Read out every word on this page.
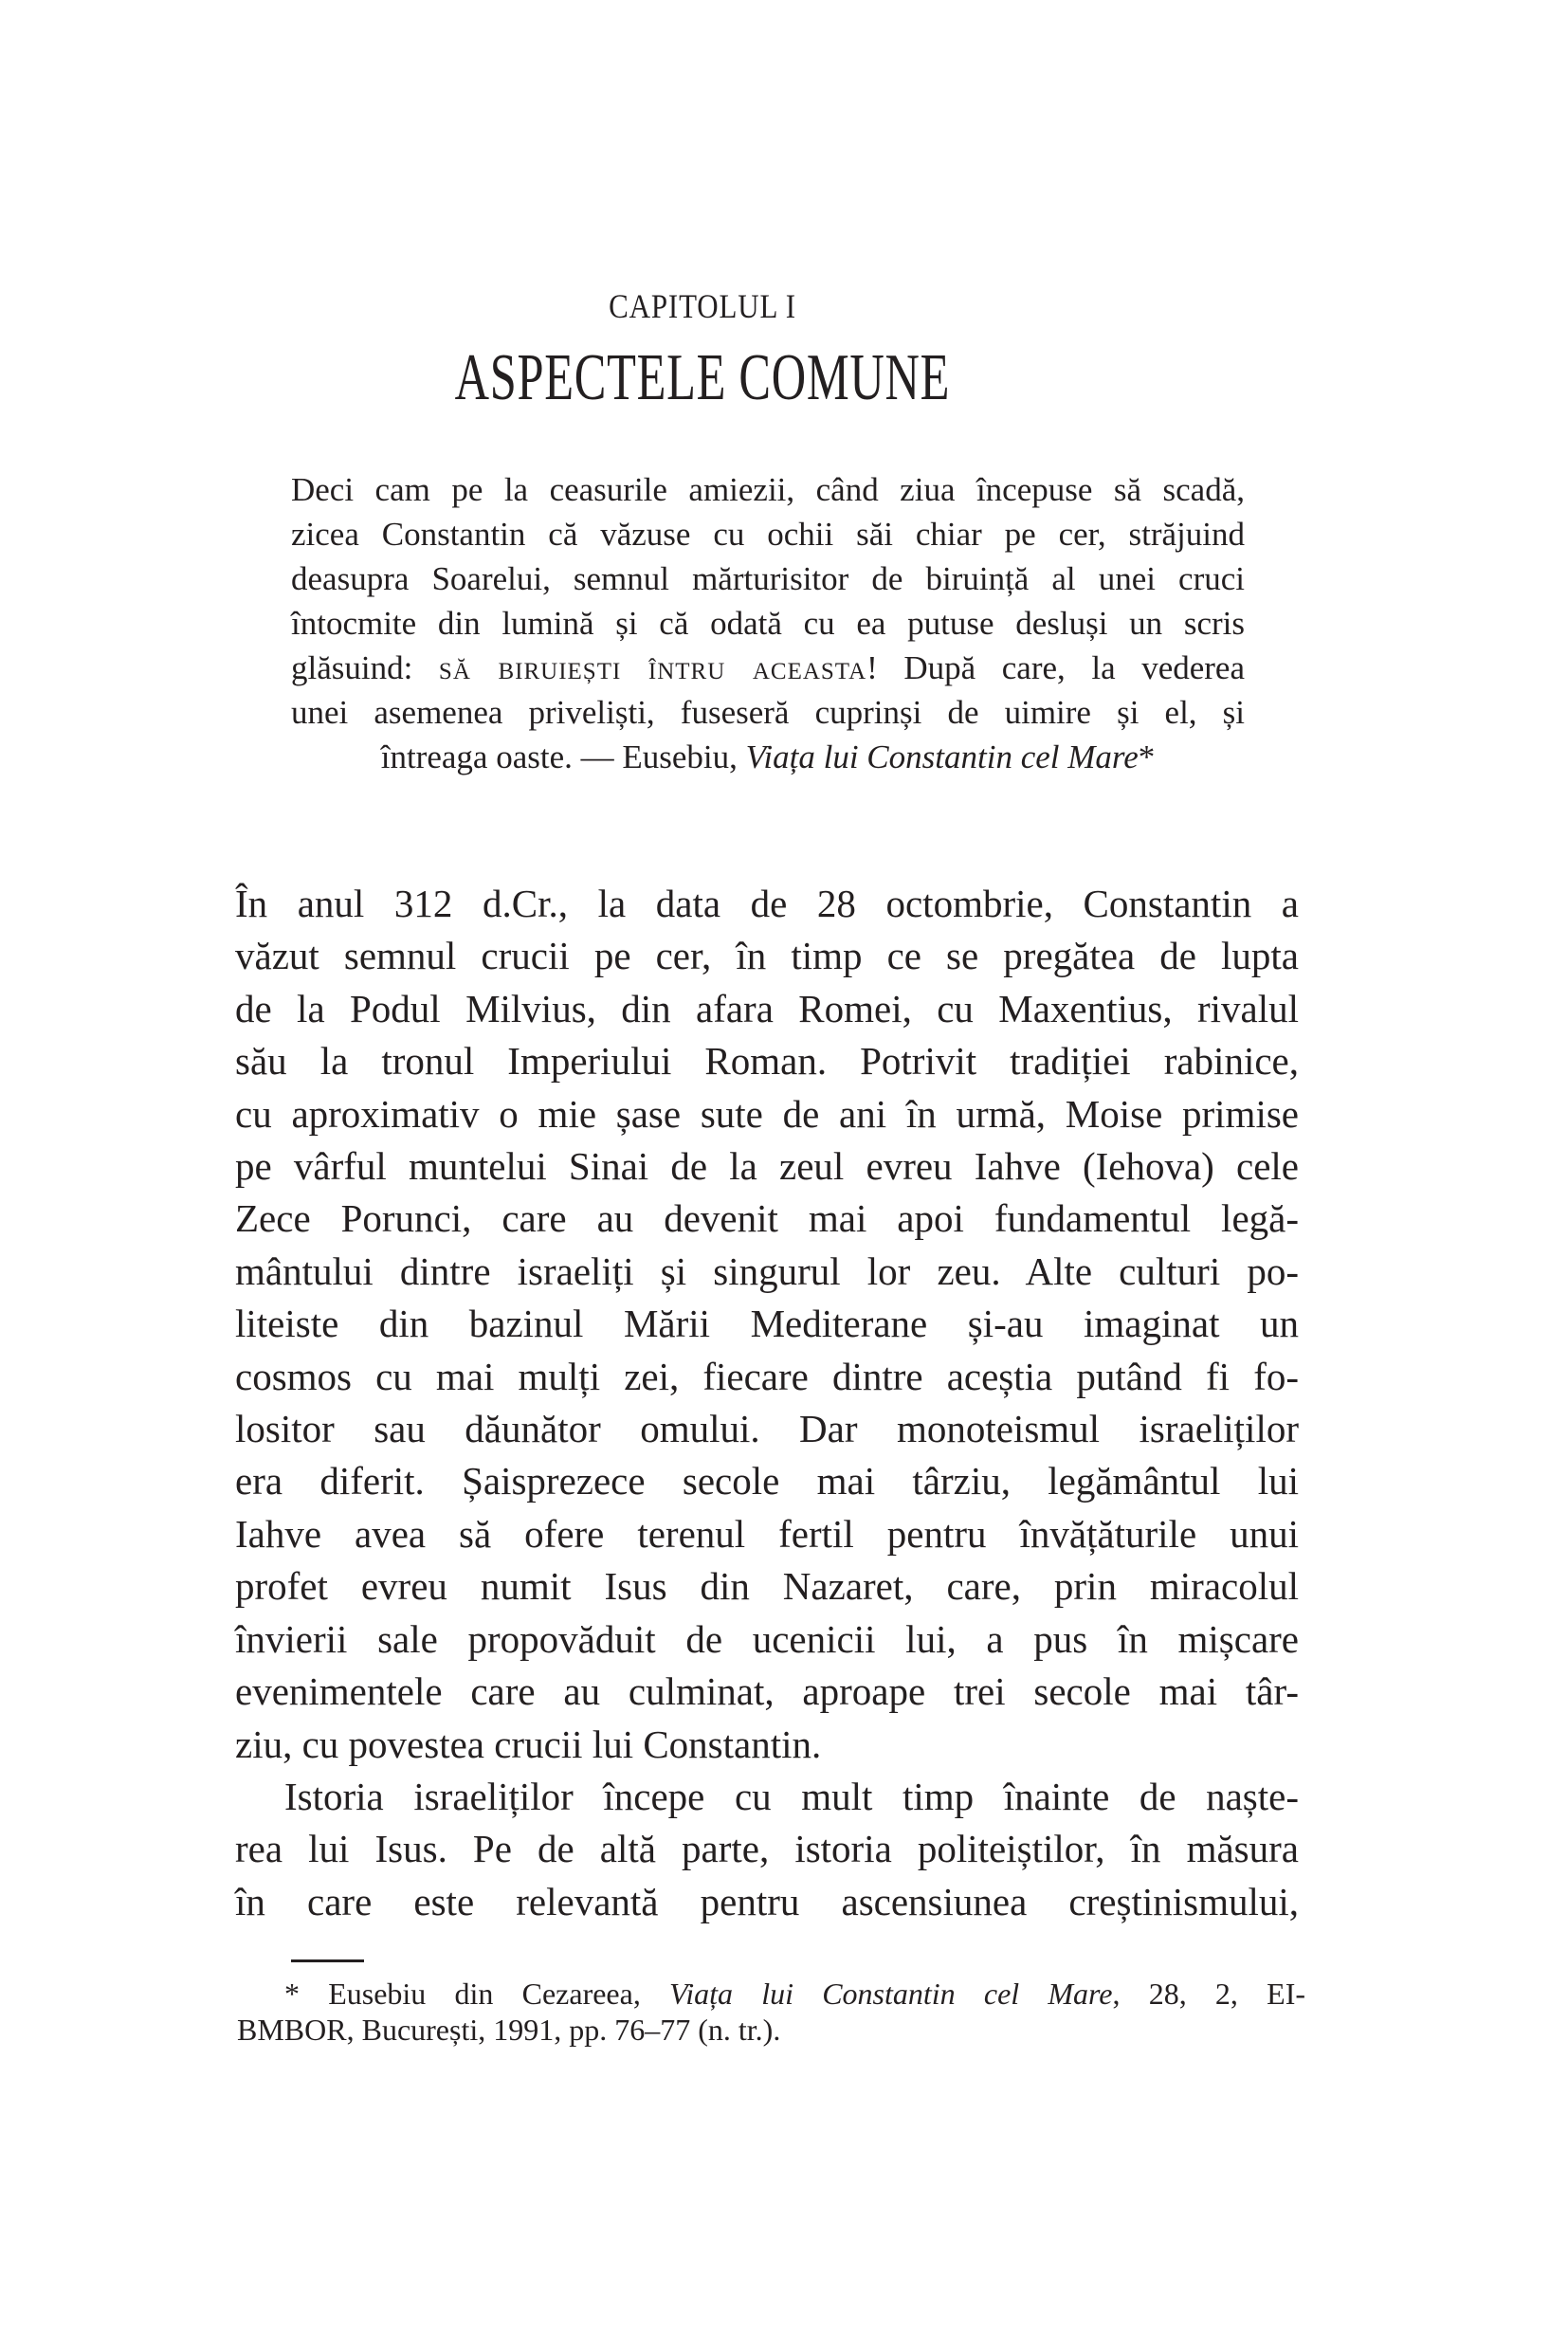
CAPITOLUL I
ASPECTELE COMUNE
Deci cam pe la ceasurile amiezii, când ziua începuse să scadă,
zicea Constantin că văzuse cu ochii săi chiar pe cer, străjuind
deasupra Soarelui, semnul mărturisitor de biruință al unei cruci
întocmite din lumină și că odată cu ea putuse desluși un scris
glăsuind: să biruiești întru aceasta! După care, la vederea
unei asemenea priveliști, fuseseră cuprinși de uimire și el, și
întreaga oaste. — Eusebiu, Viața lui Constantin cel Mare*
În anul 312 d.Cr., la data de 28 octombrie, Constantin a
văzut semnul crucii pe cer, în timp ce se pregătea de lupta
de la Podul Milvius, din afara Romei, cu Maxentius, rivalul
său la tronul Imperiului Roman. Potrivit tradiției rabinice,
cu aproximativ o mie șase sute de ani în urmă, Moise primise
pe vârful muntelui Sinai de la zeul evreu Iahve (Iehova) cele
Zece Porunci, care au devenit mai apoi fundamentul legă-
mântului dintre israeliți și singurul lor zeu. Alte culturi po-
liteiste din bazinul Mării Mediterane și-au imaginat un
cosmos cu mai mulți zei, fiecare dintre aceștia putând fi fo-
lositor sau dăunător omului. Dar monoteismul israeliților
era diferit. Șaisprezece secole mai târziu, legământul lui
Iahve avea să ofere terenul fertil pentru învățăturile unui
profet evreu numit Isus din Nazaret, care, prin miracolul
învierii sale propovăduit de ucenicii lui, a pus în mișcare
evenimentele care au culminat, aproape trei secole mai târ-
ziu, cu povestea crucii lui Constantin.
Istoria israeliților începe cu mult timp înainte de naște-
rea lui Isus. Pe de altă parte, istoria politeiștilor, în măsura
în care este relevantă pentru ascensiunea creștinismului,
* Eusebiu din Cezareea, Viața lui Constantin cel Mare, 28, 2, EI-
BMBOR, București, 1991, pp. 76–77 (n. tr.).
